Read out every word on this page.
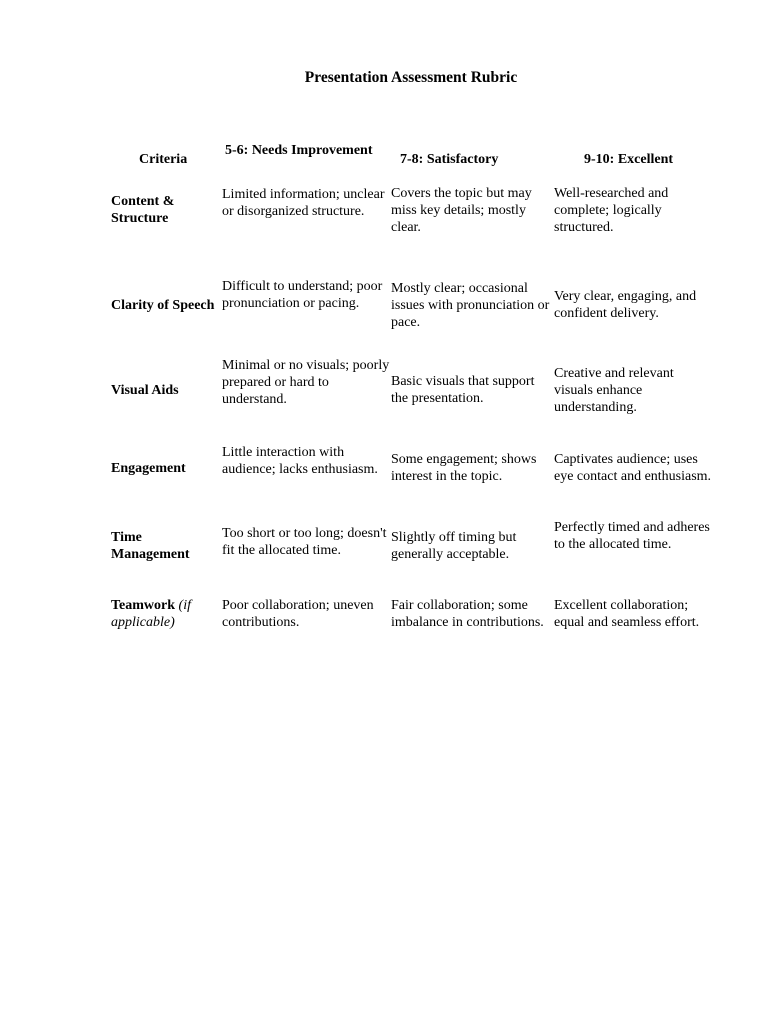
Presentation Assessment Rubric
Criteria
5-6: Needs Improvement
7-8: Satisfactory	9-10: Excellent
Content & Structure
Limited information; unclear or disorganized structure.
Covers the topic but may miss key details; mostly clear.
Well-researched and complete; logically structured.
Clarity of Speech
Difficult to understand; poor pronunciation or pacing.
Mostly clear; occasional issues with pronunciation or pace.
Very clear, engaging, and confident delivery.
Visual Aids
Minimal or no visuals; poorly prepared or hard to understand.
Basic visuals that support the presentation.
Creative and relevant visuals enhance understanding.
Engagement
Little interaction with audience; lacks enthusiasm.
Some engagement; shows interest in the topic.
Captivates audience; uses eye contact and enthusiasm.
Time Management
Too short or too long; doesn't fit the allocated time.
Slightly off timing but generally acceptable.
Perfectly timed and adheres to the allocated time.
Teamwork (if applicable)
Poor collaboration; uneven contributions.
Fair collaboration; some imbalance in contributions.
Excellent collaboration; equal and seamless effort.
